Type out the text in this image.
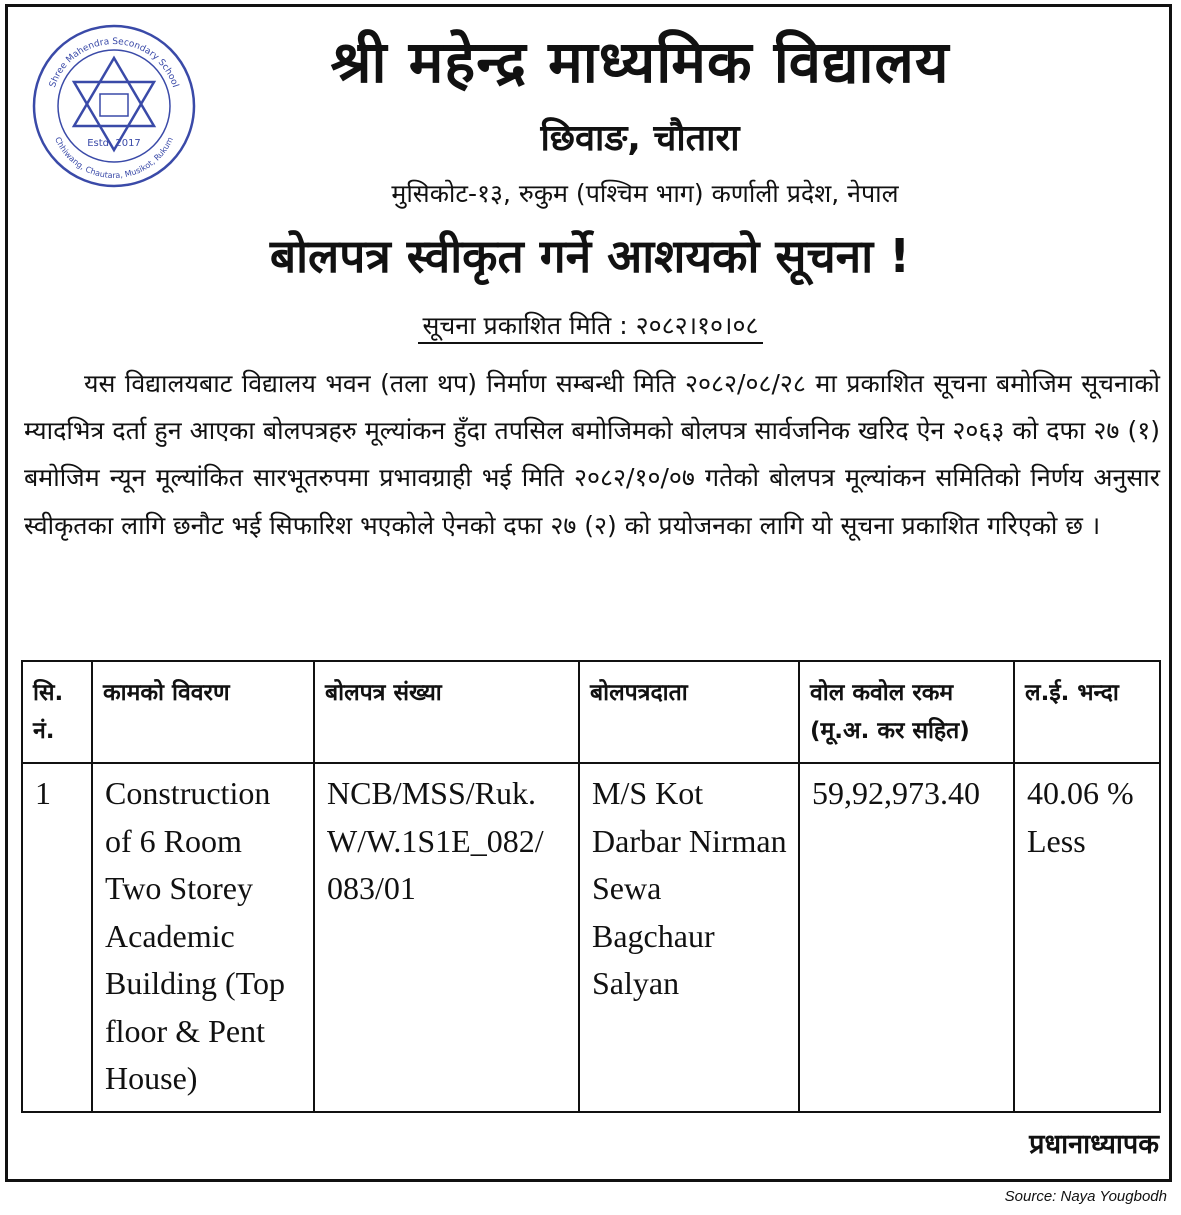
Shree Mahendra Secondary School
Chhiwang, Chautara, Musikot, Rukum
Estd. 2017
श्री महेन्द्र माध्यमिक विद्यालय
छिवाङ, चौतारा
मुसिकोट-१३, रुकुम (पश्चिम भाग) कर्णाली प्रदेश, नेपाल
बोलपत्र स्वीकृत गर्ने आशयको सूचना !
सूचना प्रकाशित मिति : २०८२।१०।०८

यस विद्यालयबाट विद्यालय भवन (तला थप) निर्माण सम्बन्धी मिति २०८२/०८/२८ मा प्रकाशित सूचना बमोजिम सूचनाको म्यादभित्र दर्ता हुन आएका बोलपत्रहरु मूल्यांकन हुँदा तपसिल बमोजिमको बोलपत्र सार्वजनिक खरिद ऐन २०६३ को दफा २७ (१) बमोजिम न्यून मूल्यांकित सारभूतरुपमा प्रभावग्राही भई मिति २०८२/१०/०७ गतेको बोलपत्र मूल्यांकन समितिको निर्णय अनुसार स्वीकृतका लागि छनौट भई सिफारिश भएकोले ऐनको दफा २७ (२) को प्रयोजनका लागि यो सूचना प्रकाशित गरिएको छ ।

सि. नं.	कामको विवरण	बोलपत्र संख्या	बोलपत्रदाता	वोल कवोल रकम (मू.अ. कर सहित)	ल.ई. भन्दा
1	Construction of 6 Room Two Storey Academic Building (Top floor & Pent House)	NCB/MSS/Ruk. W/W.1S1E_082/ 083/01	M/S Kot Darbar Nirman Sewa Bagchaur Salyan	59,92,973.40	40.06 % Less
प्रधानाध्यापक
Source: Naya Yougbodh
